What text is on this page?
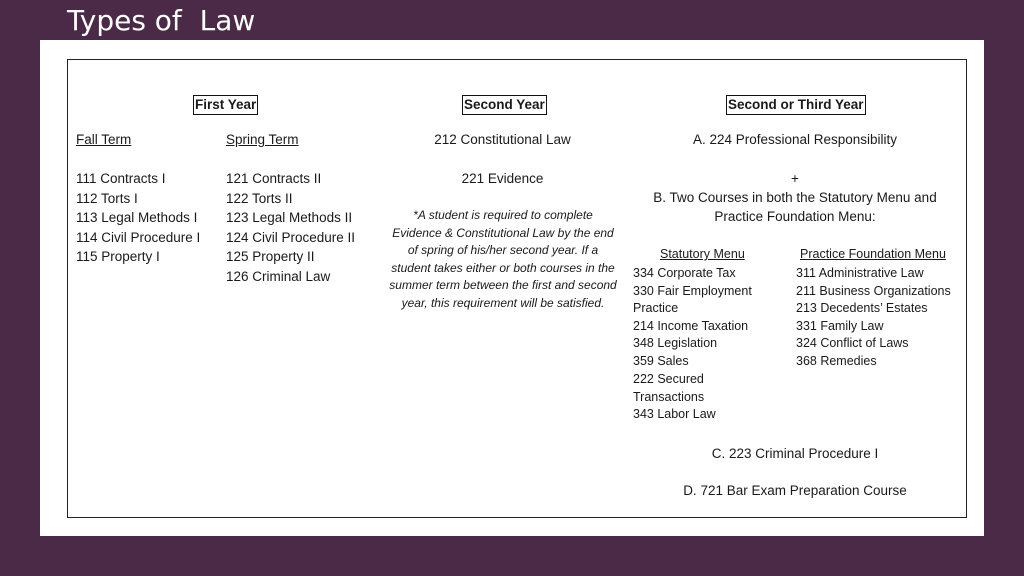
Types of  Law
First Year
Fall Term
111 Contracts I
112 Torts I
113 Legal Methods I
114 Civil Procedure I
115 Property I
Spring Term
121 Contracts II
122 Torts II
123 Legal Methods II
124 Civil Procedure II
125 Property II
126 Criminal Law
Second Year
212 Constitutional Law
221 Evidence
*A student is required to complete Evidence & Constitutional Law by the end of spring of his/her second year. If a student takes either or both courses in the summer term between the first and second year, this requirement will be satisfied.
Second or Third Year
A. 224 Professional Responsibility
+
B. Two Courses in both the Statutory Menu and
Practice Foundation Menu:
Statutory Menu
334 Corporate Tax
330 Fair Employment
Practice
214 Income Taxation
348 Legislation
359 Sales
222 Secured
Transactions
343 Labor Law
Practice Foundation Menu
311 Administrative Law
211 Business Organizations
213 Decedents’ Estates
331 Family Law
324 Conflict of Laws
368 Remedies
C. 223 Criminal Procedure I
D. 721 Bar Exam Preparation Course
